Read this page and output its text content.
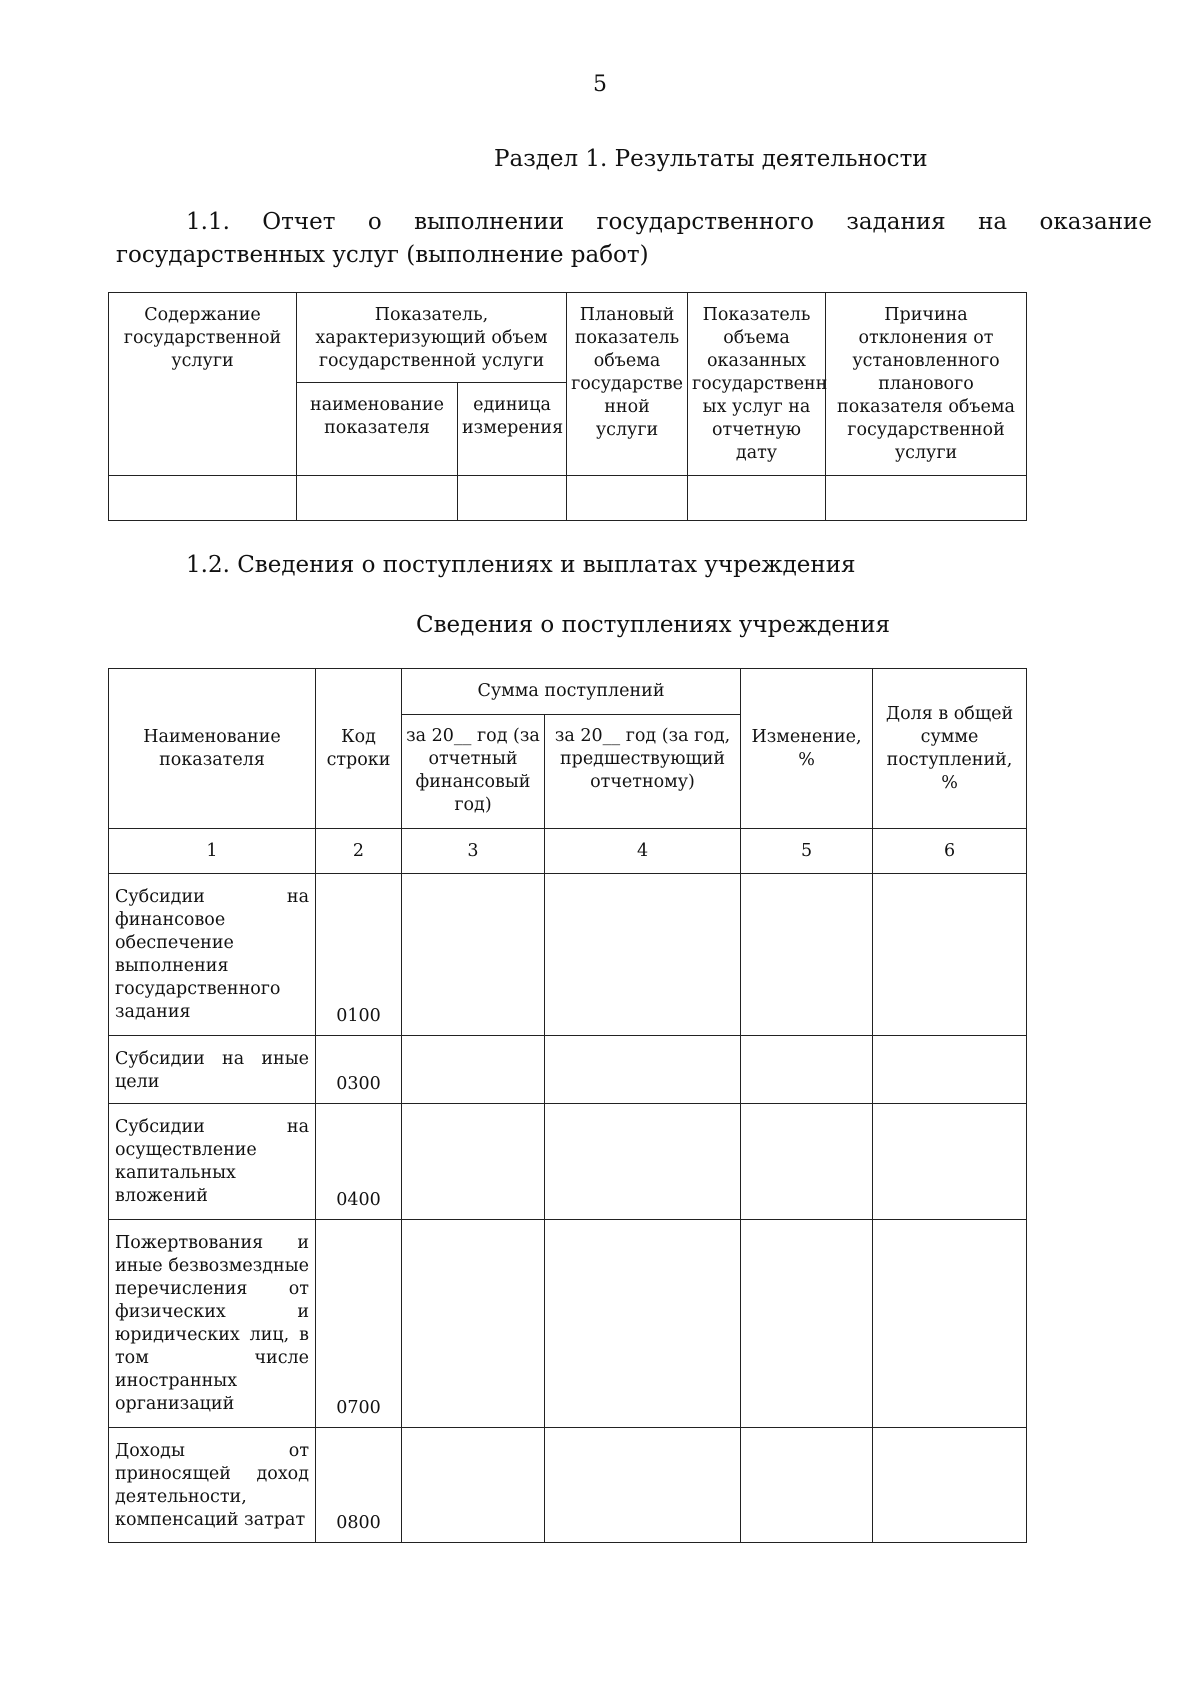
5
Раздел 1. Результаты деятельности
1.1. Отчет о выполнении государственного задания на оказание государственных услуг (выполнение работ)
Содержание государственной услуги	Показатель, характеризующий объем государственной услуги		Плановый показатель объема государстве нной услуги	Показатель объема оказанных государственн ых услуг на отчетную дату	Причина отклонения от установленного планового показателя объема государственной услуги
	наименование показателя	единица измерения			

1.2. Сведения о поступлениях и выплатах учреждения
Сведения о поступлениях учреждения
Наименование показателя	Код строки	Сумма поступлений		Изменение, %	Доля в общей сумме поступлений, %
		за 20__ год (за отчетный финансовый год)	за 20__ год (за год, предшествующий отчетному)		
1	2	3	4	5	6
Субсидии на финансовое обеспечение выполнения государственного задания	0100				
Субсидии на иные цели	0300				
Субсидии на осуществление капитальных вложений	0400				
Пожертвования и иные безвозмездные перечисления от физических и юридических лиц, в том числе иностранных организаций	0700				
Доходы от приносящей доход деятельности, компенсаций затрат	0800				
